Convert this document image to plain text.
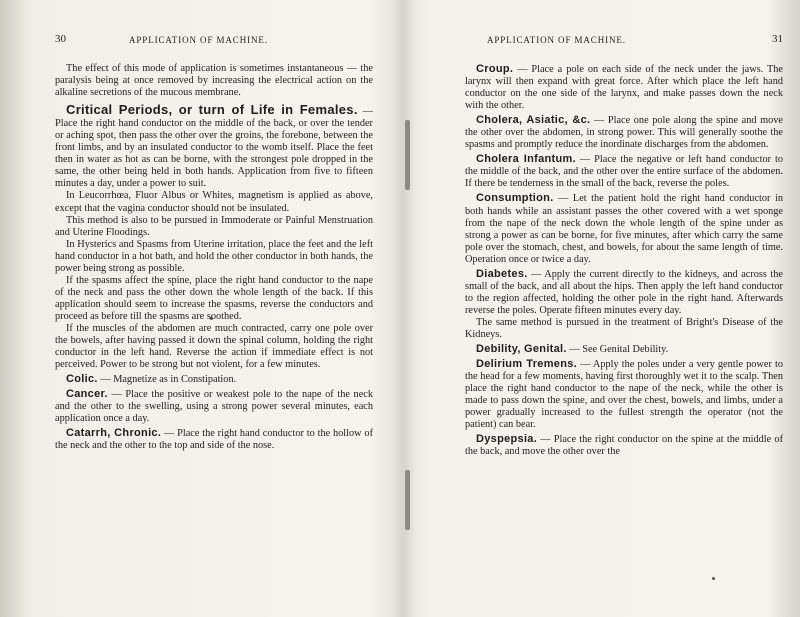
30	APPLICATION OF MACHINE.

The effect of this mode of application is sometimes instantaneous — the paralysis being at once removed by increasing the electrical action on the alkaline secretions of the mucous membrane.

Critical Periods, or turn of Life in Females. — Place the right hand conductor on the middle of the back, or over the tender or aching spot, then pass the other over the groins, the forebone, between the front limbs, and by an insulated conductor to the womb itself. Place the feet then in water as hot as can be borne, with the strongest pole dropped in the same, the other being held in both hands. Application from five to fifteen minutes a day, under a power to suit.

In Leucorrhœa, Fluor Albus or Whites, magnetism is applied as above, except that the vagina conductor should not be insulated.

This method is also to be pursued in Immoderate or Painful Menstruation and Uterine Floodings.

In Hysterics and Spasms from Uterine irritation, place the feet and the left hand conductor in a hot bath, and hold the other conductor in both hands, the power being strong as possible.

If the spasms affect the spine, place the right hand conductor to the nape of the neck and pass the other down the whole length of the back. If this application should seem to increase the spasms, reverse the conductors and proceed as before till the spasms are soothed.

If the muscles of the abdomen are much contracted, carry one pole over the bowels, after having passed it down the spinal column, holding the right conductor in the left hand. Reverse the action if immediate effect is not perceived. Power to be strong but not violent, for a few minutes.

Colic. — Magnetize as in Constipation.

Cancer. — Place the positive or weakest pole to the nape of the neck and the other to the swelling, using a strong power several minutes, each application once a day.

Catarrh, Chronic. — Place the right hand conductor to the hollow of the neck and the other to the top and side of the nose.

APPLICATION OF MACHINE.	31

Croup. — Place a pole on each side of the neck under the jaws. The larynx will then expand with great force. After which place the left hand conductor on the one side of the larynx, and make passes down the neck with the other.

Cholera, Asiatic, &c. — Place one pole along the spine and move the other over the abdomen, in strong power. This will generally soothe the spasms and promptly reduce the inordinate discharges from the abdomen.

Cholera Infantum. — Place the negative or left hand conductor to the middle of the back, and the other over the entire surface of the abdomen. If there be tenderness in the small of the back, reverse the poles.

Consumption. — Let the patient hold the right hand conductor in both hands while an assistant passes the other covered with a wet sponge from the nape of the neck down the whole length of the spine under as strong a power as can be borne, for five minutes, after which carry the same pole over the stomach, chest, and bowels, for about the same length of time. Operation once or twice a day.

Diabetes. — Apply the current directly to the kidneys, and across the small of the back, and all about the hips. Then apply the left hand conductor to the region affected, holding the other pole in the right hand. Afterwards reverse the poles. Operate fifteen minutes every day.

The same method is pursued in the treatment of Bright's Disease of the Kidneys.

Debility, Genital. — See Genital Debility.

Delirium Tremens. — Apply the poles under a very gentle power to the head for a few moments, having first thoroughly wet it to the scalp. Then place the right hand conductor to the nape of the neck, while the other is made to pass down the spine, and over the chest, bowels, and limbs, under a power gradually increased to the fullest strength the operator (not the patient) can bear.

Dyspepsia. — Place the right conductor on the spine at the middle of the back, and move the other over the
